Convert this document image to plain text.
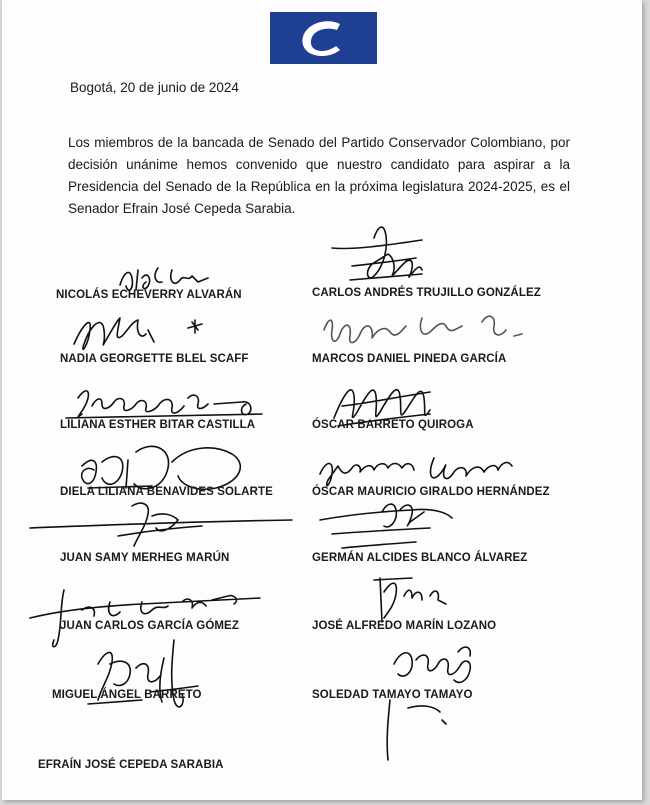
Bogotá, 20 de junio de 2024
Los miembros de la bancada de Senado del Partido Conservador Colombiano, por decisión unánime hemos convenido que nuestro candidato para aspirar a la Presidencia del Senado de la República en la próxima legislatura 2024-2025, es el Senador Efrain José Cepeda Sarabia.
NICOLÁS ECHEVERRY ALVARÁN
NADIA GEORGETTE BLEL SCAFF
LILIANA ESTHER BITAR CASTILLA
DIELA LILIANA BENAVIDES SOLARTE
JUAN SAMY MERHEG MARÚN
JUAN CARLOS GARCÍA GÓMEZ
MIGUEL ÁNGEL BARRETO
EFRAÍN JOSÉ CEPEDA SARABIA
CARLOS ANDRÉS TRUJILLO GONZÁLEZ
MARCOS DANIEL PINEDA GARCÍA
ÓSCAR BARRETO QUIROGA
ÓSCAR MAURICIO GIRALDO HERNÁNDEZ
GERMÁN ALCIDES BLANCO ÁLVAREZ
JOSÉ ALFREDO MARÍN LOZANO
SOLEDAD TAMAYO TAMAYO
